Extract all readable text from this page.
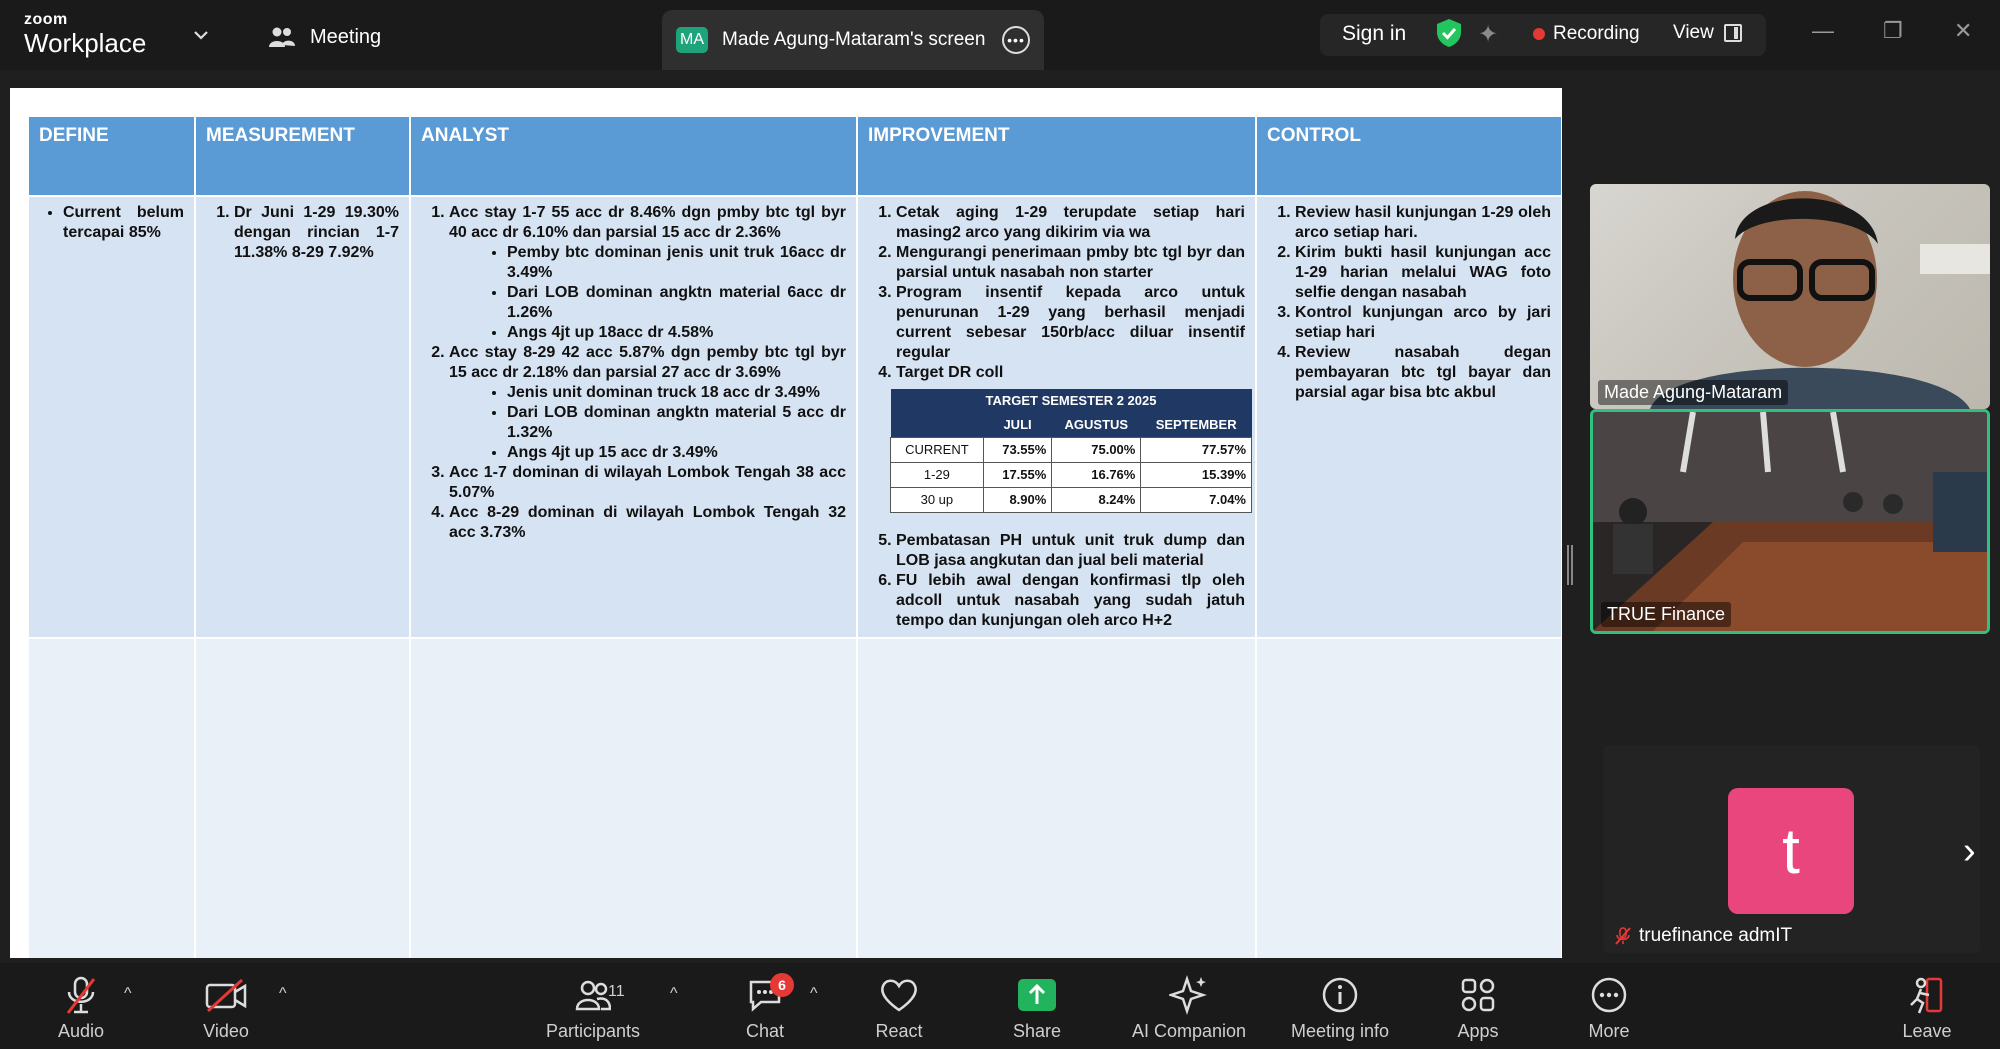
zoom
Workplace	Meeting	MA Made Agung-Mataram's screen	•••	Sign in	✦	Recording View	— ❐ ✕
DEFINE	MEASUREMENT	ANALYST	IMPROVEMENT	CONTROL

• Current belum tercapai 85%

1. Dr Juni 1-29 19.30% dengan rincian 1-7 11.38% 8-29 7.92%

1. Acc stay 1-7 55 acc dr 8.46% dgn pmby btc tgl byr 40 acc dr 6.10% dan parsial 15 acc dr 2.36%
• Pemby btc dominan jenis unit truk 16acc dr 3.49%
• Dari LOB dominan angktn material 6acc dr 1.26%
• Angs 4jt up 18acc dr 4.58%
2. Acc stay 8-29 42 acc 5.87% dgn pemby btc tgl byr 15 acc dr 2.18% dan parsial 27 acc dr 3.69%
• Jenis unit dominan truck 18 acc dr 3.49%
• Dari LOB dominan angktn material 5 acc dr 1.32%
• Angs 4jt up 15 acc dr 3.49%
3. Acc 1-7 dominan di wilayah Lombok Tengah 38 acc 5.07%
4. Acc 8-29 dominan di wilayah Lombok Tengah 32 acc 3.73%

1. Cetak aging 1-29 terupdate setiap hari masing2 arco yang dikirim via wa
2. Mengurangi penerimaan pmby btc tgl byr dan parsial untuk nasabah non starter
3. Program insentif kepada arco untuk penurunan 1-29 yang berhasil menjadi current sebesar 150rb/acc diluar insentif regular
4. Target DR coll
TARGET SEMESTER 2 2025
	JULI	AGUSTUS	SEPTEMBER
CURRENT	73.55%	75.00%	77.57%
1-29	17.55%	16.76%	15.39%
30 up	8.90%	8.24%	7.04%
5. Pembatasan PH untuk unit truk dump dan LOB jasa angkutan dan jual beli material
6. FU lebih awal dengan konfirmasi tlp oleh adcoll untuk nasabah yang sudah jatuh tempo dan kunjungan oleh arco H+2

1. Review hasil kunjungan 1-29 oleh arco setiap hari.
2. Kirim bukti hasil kunjungan acc 1-29 harian melalui WAG foto selfie dengan nasabah
3. Kontrol kunjungan arco by jari setiap hari
4. Review nasabah degan pembayaran btc tgl bayar dan parsial agar bisa btc akbul

					Made Agung-Mataram
TRUE Finance
t
truefinance admIT
›
Audio
^
Video
^	11
Participants
^	6
Chat
^
React	Share	AI Companion	Meeting info	Apps	More	Leave
